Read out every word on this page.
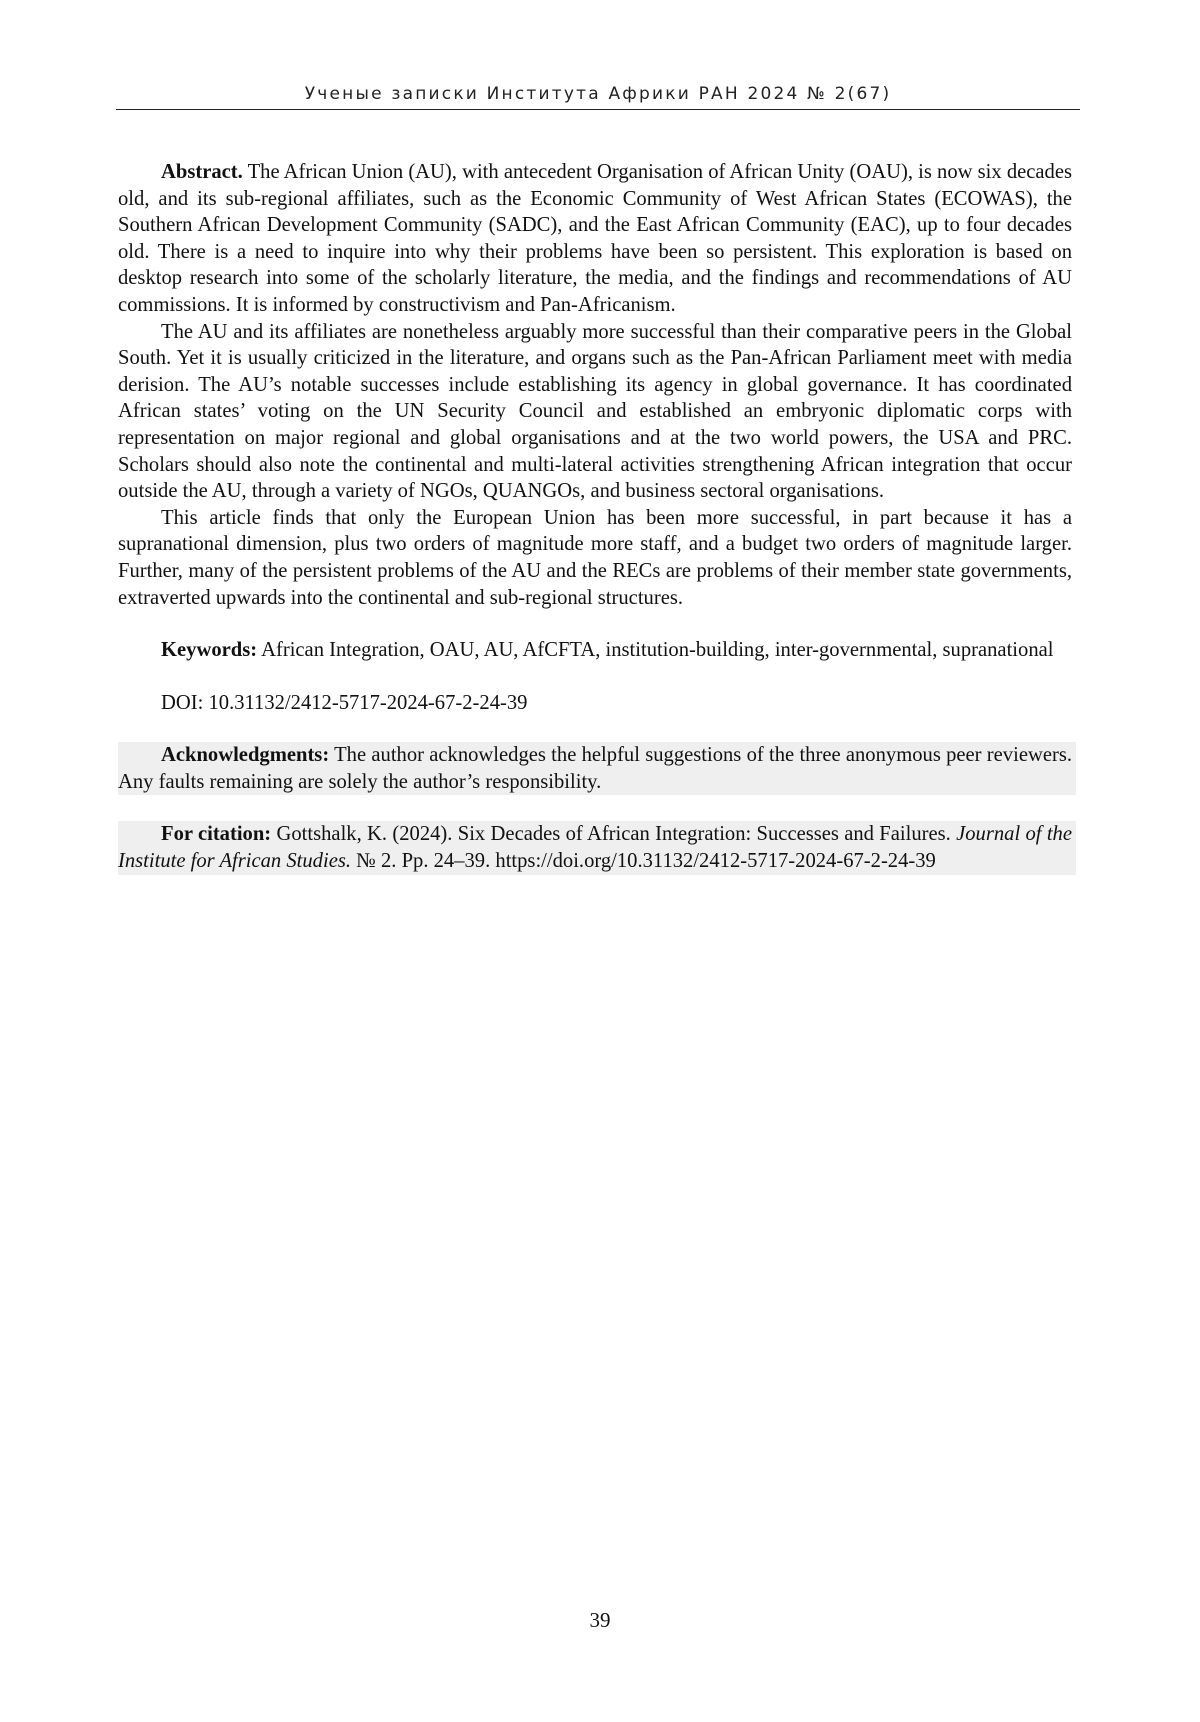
Ученые записки Института Африки РАН 2024 № 2(67)

Abstract. The African Union (AU), with antecedent Organisation of African Unity (OAU), is now six decades old, and its sub-regional affiliates, such as the Economic Community of West African States (ECOWAS), the Southern African Development Community (SADC), and the East African Community (EAC), up to four decades old. There is a need to inquire into why their problems have been so persistent. This exploration is based on desktop research into some of the scholarly literature, the media, and the findings and recommendations of AU commissions. It is informed by constructivism and Pan-Africanism.

The AU and its affiliates are nonetheless arguably more successful than their comparative peers in the Global South. Yet it is usually criticized in the literature, and organs such as the Pan-African Parliament meet with media derision. The AU’s notable successes include establishing its agency in global governance. It has coordinated African states’ voting on the UN Security Council and established an embryonic diplomatic corps with representation on major regional and global organisations and at the two world powers, the USA and PRC. Scholars should also note the continental and multi-lateral activities strengthening African integration that occur outside the AU, through a variety of NGOs, QUANGOs, and business sectoral organisations.

This article finds that only the European Union has been more successful, in part because it has a supranational dimension, plus two orders of magnitude more staff, and a budget two orders of magnitude larger. Further, many of the persistent problems of the AU and the RECs are problems of their member state governments, extraverted upwards into the continental and sub-regional structures.

Keywords: African Integration, OAU, AU, AfCFTA, institution-building, inter-governmental, supranational

DOI: 10.31132/2412-5717-2024-67-2-24-39

Acknowledgments: The author acknowledges the helpful suggestions of the three anonymous peer reviewers. Any faults remaining are solely the author’s responsibility.

For citation: Gottshalk, K. (2024). Six Decades of African Integration: Successes and Failures. Journal of the Institute for African Studies. № 2. Pp. 24–39. https://doi.org/10.31132/2412-5717-2024-67-2-24-39

39
